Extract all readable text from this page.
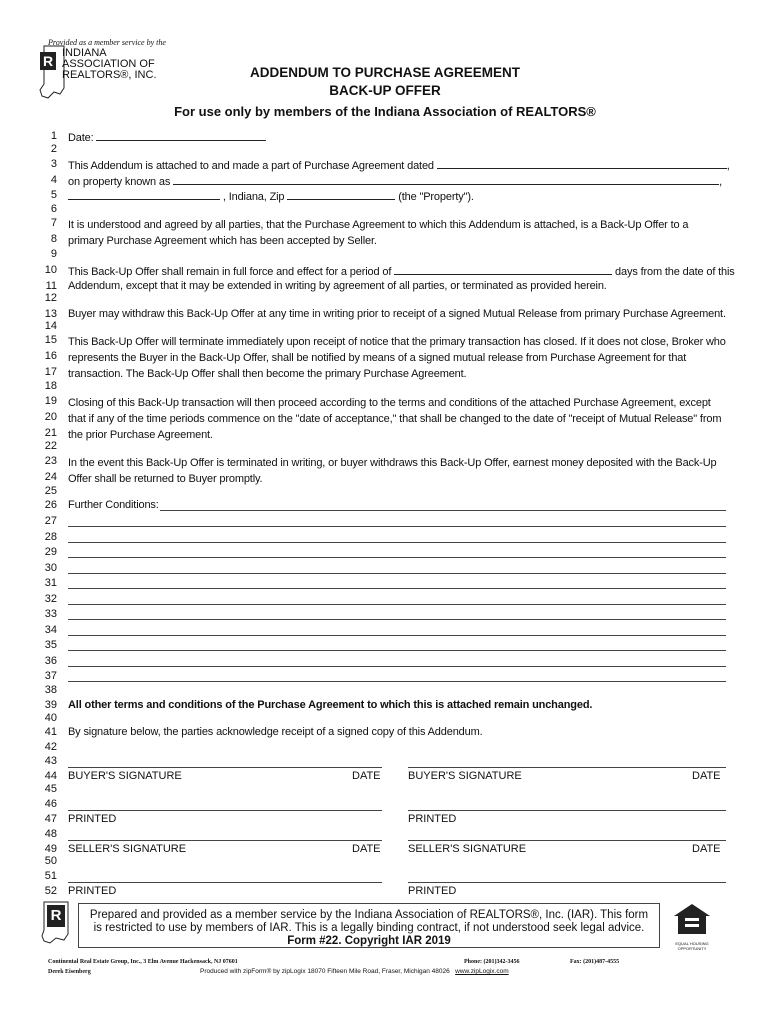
Provided as a member service by the
R INDIANA
ASSOCIATION OF
REALTORS®, INC.	ADDENDUM TO PURCHASE AGREEMENT
BACK-UP OFFER
For use only by members of the Indiana Association of REALTORS®
1
2
3
4
5
6
7
8
9
10
11
12
13
14
15
16
17
18
19
20
21
22
23
24
25
26
27
28
29
30
31
32
33
34
35
36
37
38
39
40
41
42
43
44
45
46
47
48
49
50
51
52
Date:
This Addendum is attached to and made a part of Purchase Agreement dated	,
on property known as	,
, Indiana, Zip	(the "Property").
It is understood and agreed by all parties, that the Purchase Agreement to which this Addendum is attached, is a Back-Up Offer to a primary Purchase Agreement which has been accepted by Seller.
This Back-Up Offer shall remain in full force and effect for a period of	days from the date of this
Addendum, except that it may be extended in writing by agreement of all parties, or terminated as provided herein.
Buyer may withdraw this Back-Up Offer at any time in writing prior to receipt of a signed Mutual Release from primary Purchase Agreement.
This Back-Up Offer will terminate immediately upon receipt of notice that the primary transaction has closed. If it does not close, Broker who represents the Buyer in the Back-Up Offer, shall be notified by means of a signed mutual release from Purchase Agreement for that transaction. The Back-Up Offer shall then become the primary Purchase Agreement.
Closing of this Back-Up transaction will then proceed according to the terms and conditions of the attached Purchase Agreement, except that if any of the time periods commence on the "date of acceptance," that shall be changed to the date of "receipt of Mutual Release" from the prior Purchase Agreement.
In the event this Back-Up Offer is terminated in writing, or buyer withdraws this Back-Up Offer, earnest money deposited with the Back-Up Offer shall be returned to Buyer promptly.
Further Conditions:
All other terms and conditions of the Purchase Agreement to which this is attached remain unchanged.
By signature below, the parties acknowledge receipt of a signed copy of this Addendum.
BUYER'S SIGNATURE	DATE BUYER'S SIGNATURE	DATE
PRINTED	PRINTED
SELLER'S SIGNATURE	DATE SELLER'S SIGNATURE	DATE
PRINTED	PRINTED
R	Prepared and provided as a member service by the Indiana Association of REALTORS®, Inc. (IAR). This form
is restricted to use by members of IAR. This is a legally binding contract, if not understood seek legal advice.
Form #22. Copyright IAR 2019	EQUAL HOUSING OPPORTUNITY
Continental Real Estate Group, Inc., 3 Elm Avenue Hackensack, NJ 07601	Phone: (201)342-3456	Fax: (201)487-4555
Derek Eisenberg	Produced with zipForm® by zipLogix 18070 Fifteen Mile Road, Fraser, Michigan 48026 www.zipLogix.com
